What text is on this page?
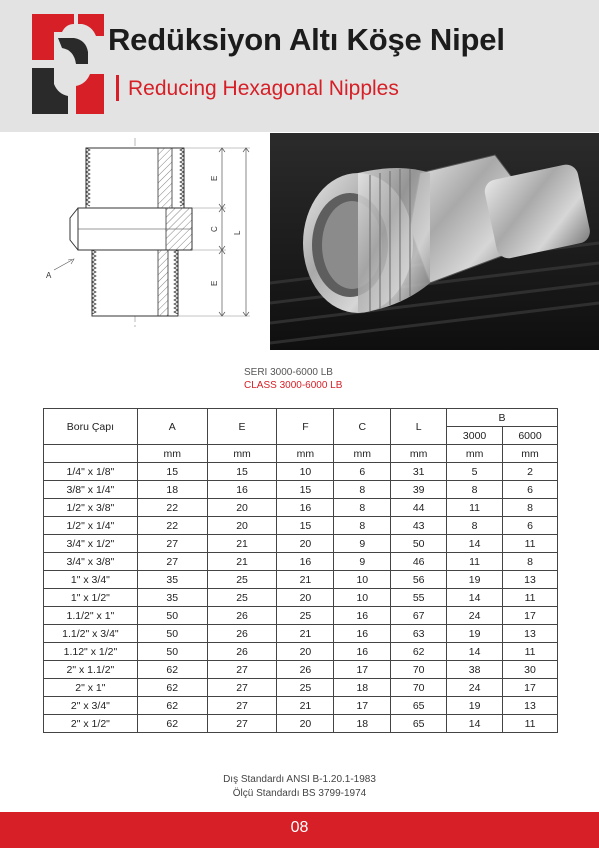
Redüksiyon Altı Köşe Nipel
Reducing Hexagonal Nipples
E
C
E
L
A
SERI 3000-6000 LB
CLASS 3000-6000 LB
Boru Çapı	A	E	F	C	L	B	
						3000	6000
	mm	mm	mm	mm	mm	mm	mm
1/4" x 1/8"	15	15	10	6	31	5	2
3/8" x 1/4"	18	16	15	8	39	8	6
1/2" x 3/8"	22	20	16	8	44	11	8
1/2" x 1/4"	22	20	15	8	43	8	6
3/4" x 1/2"	27	21	20	9	50	14	11
3/4" x 3/8"	27	21	16	9	46	11	8
1" x 3/4"	35	25	21	10	56	19	13
1" x 1/2"	35	25	20	10	55	14	11
1.1/2" x 1"	50	26	25	16	67	24	17
1.1/2" x 3/4"	50	26	21	16	63	19	13
1.12" x 1/2"	50	26	20	16	62	14	11
2" x 1.1/2"	62	27	26	17	70	38	30
2" x 1"	62	27	25	18	70	24	17
2" x 3/4"	62	27	21	17	65	19	13
2" x 1/2"	62	27	20	18	65	14	11
Dış Standardı ANSI B-1.20.1-1983
Ölçü Standardı BS 3799-1974
08
